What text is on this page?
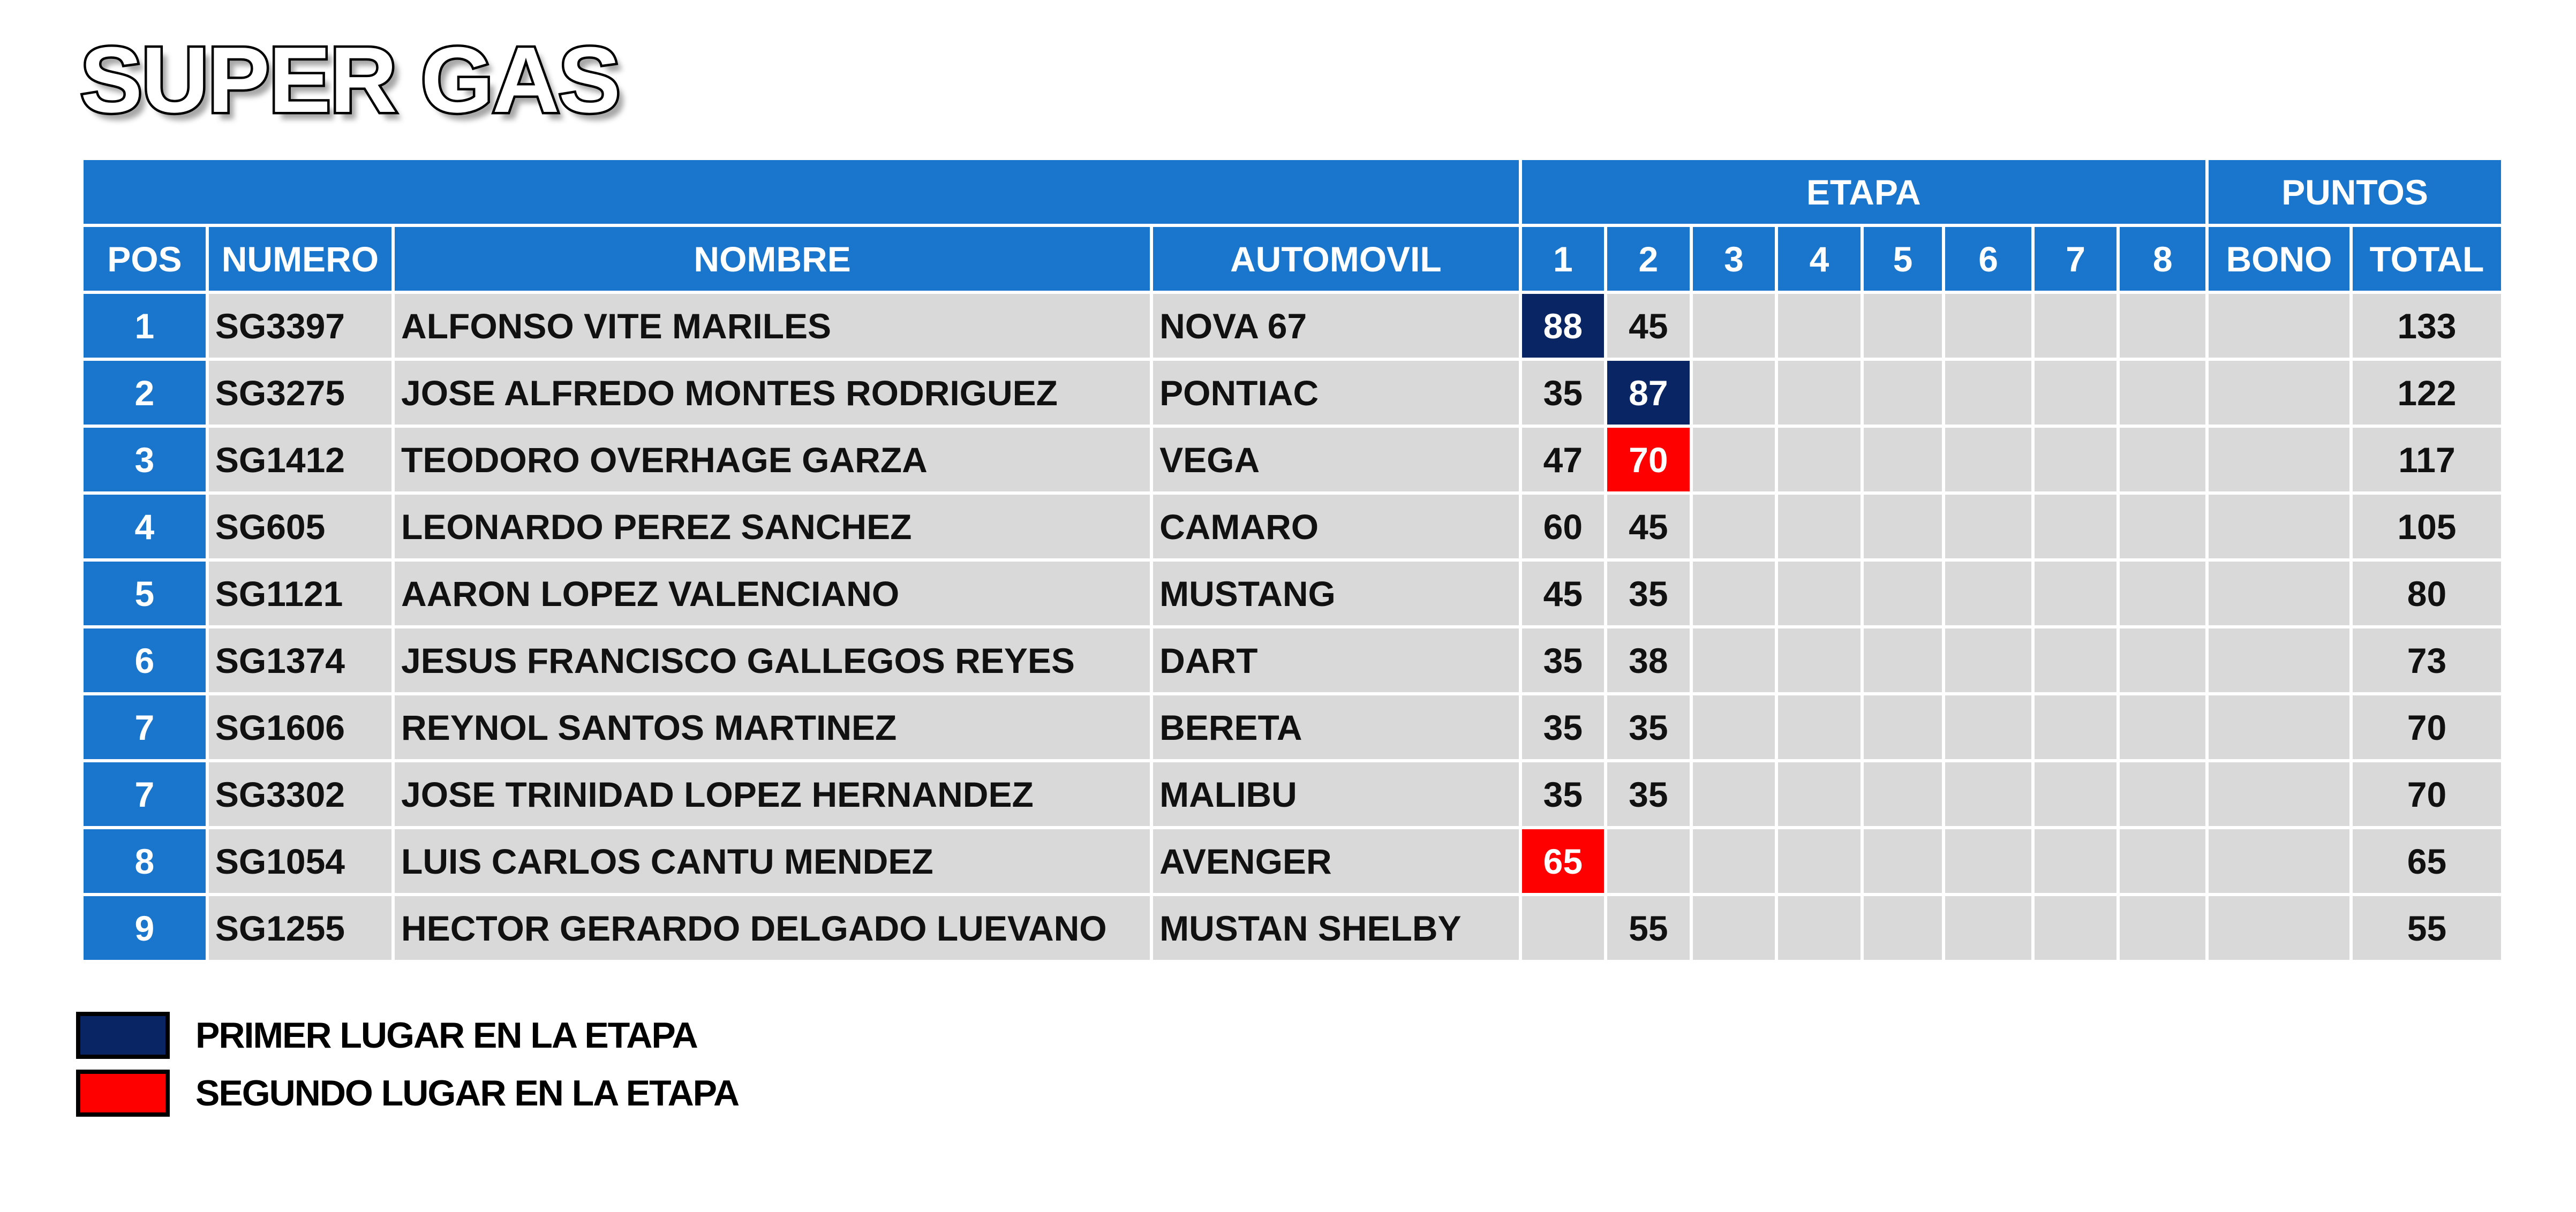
SUPER GAS
				ETAPA								PUNTOS	
POS	NUMERO	NOMBRE	AUTOMOVIL	1	2	3	4	5	6	7	8	BONO	TOTAL
1	SG3397	ALFONSO VITE MARILES	NOVA 67	88	45								133
2	SG3275	JOSE ALFREDO MONTES RODRIGUEZ	PONTIAC	35	87								122
3	SG1412	TEODORO OVERHAGE GARZA	VEGA	47	70								117
4	SG605	LEONARDO PEREZ SANCHEZ	CAMARO	60	45								105
5	SG1121	AARON LOPEZ VALENCIANO	MUSTANG	45	35								80
6	SG1374	JESUS FRANCISCO GALLEGOS REYES	DART	35	38								73
7	SG1606	REYNOL SANTOS MARTINEZ	BERETA	35	35								70
7	SG3302	JOSE TRINIDAD LOPEZ HERNANDEZ	MALIBU	35	35								70
8	SG1054	LUIS CARLOS CANTU MENDEZ	AVENGER	65									65
9	SG1255	HECTOR GERARDO DELGADO LUEVANO	MUSTAN SHELBY		55								55
PRIMER LUGAR EN LA ETAPA
SEGUNDO LUGAR EN LA ETAPA
